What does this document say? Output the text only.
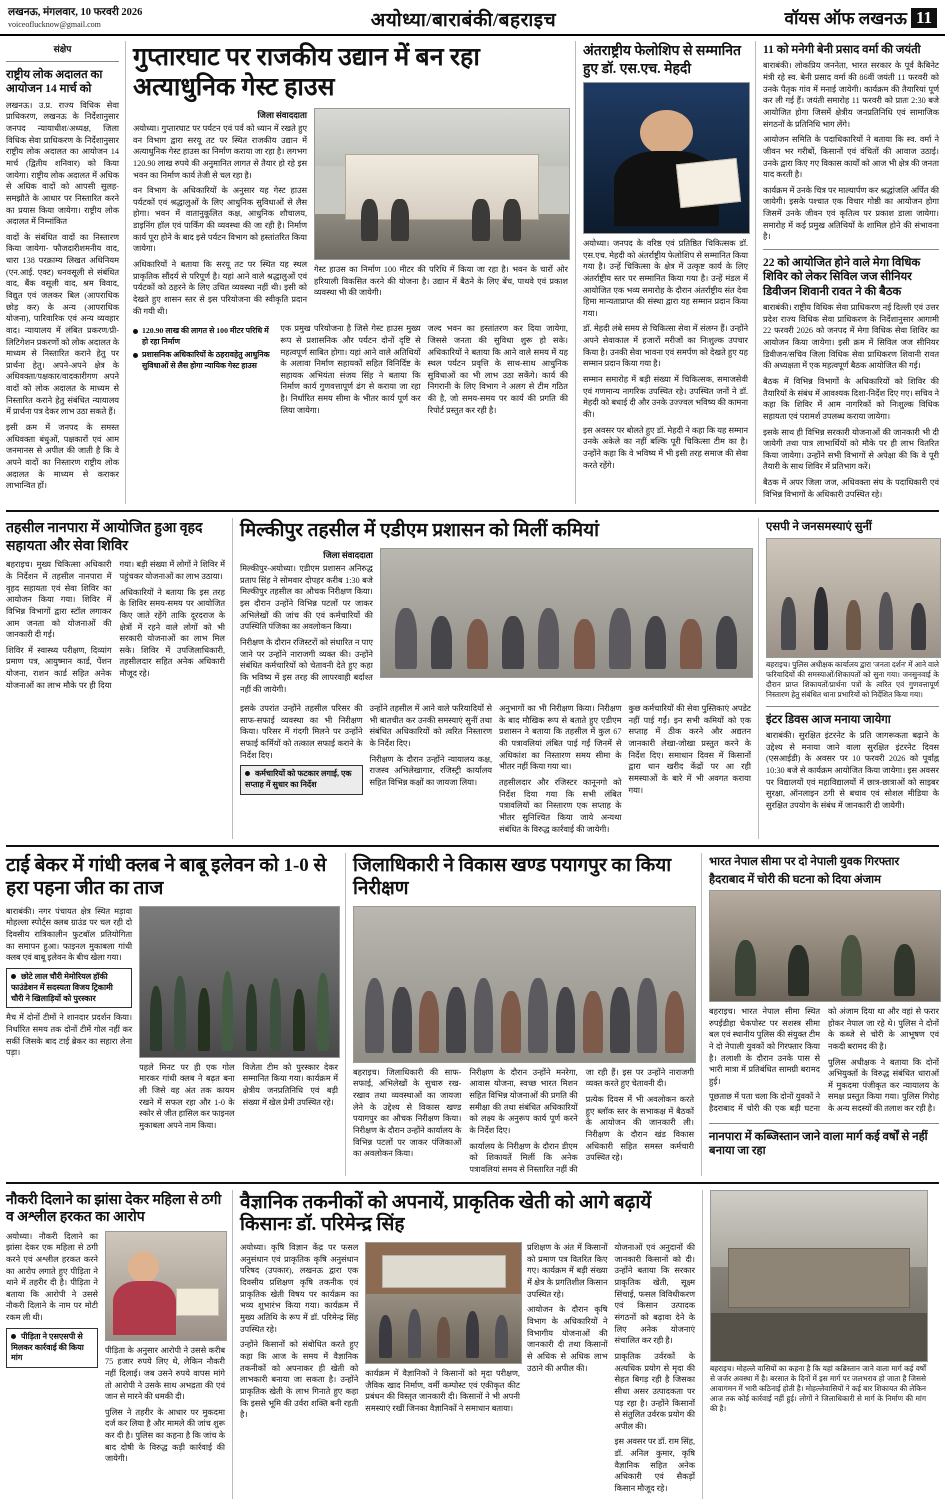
लखनऊ, मंगलवार, 10 फरवरी 2026
voiceoflucknow@gmail.com	अयोध्या/बाराबंकी/बहराइच	वॉयस ऑफ लखनऊ 11
संक्षेप
राष्ट्रीय लोक अदालत का आयोजन 14 मार्च को

लखनऊ। उ.प्र. राज्य विधिक सेवा प्राधिकरण, लखनऊ के निर्देशानुसार जनपद न्यायाधीश/अध्यक्ष, जिला विधिक सेवा प्राधिकरण के निर्देशानुसार राष्ट्रीय लोक अदालत का आयोजन 14 मार्च (द्वितीय शनिवार) को किया जायेगा। राष्ट्रीय लोक अदालत में अधिक से अधिक वादों को आपसी सुलह-समझौते के आधार पर निस्तारित करने का प्रयास किया जायेगा। राष्ट्रीय लोक अदालत में निम्नांकित

वादों के संबंधित वादों का निस्तारण किया जायेगा- फौजदारीशमनीय वाद, धारा 138 परक्राम्य लिखत अधिनियम (एन.आई. एक्ट) धनवसूली से संबंधित वाद, बैंक वसूली वाद, श्रम विवाद, विद्युत एवं जलकर बिल (आपराधिक छोड़ कर) के अन्य (आपराधिक योजना), पारिवारिक एवं अन्य व्यवहार वाद। न्यायालय में लंबित प्रकरण/प्री-लिटिगेशन प्रकरणों को लोक अदालत के माध्यम से निस्तारित कराने हेतु पर प्रार्थना हेतु। अपने-अपने क्षेत्र के अधिवक्ता/पक्षकार/वादकारीगण अपने वादों को लोक अदालत के माध्यम से निस्तारित कराने हेतु संबंधित न्यायालय में प्रार्थना पत्र देकर लाभ उठा सकते हैं।

इसी क्रम में जनपद के समस्त अधिवक्ता बंधुओं, पक्षकारों एवं आम जनमानस से अपील की जाती है कि वे अपने वादों का निस्तारण राष्ट्रीय लोक अदालत के माध्यम से कराकर लाभान्वित हों।

गुप्तारघाट पर राजकीय उद्यान में बन रहा अत्याधुनिक गेस्ट हाउस
जिला संवाददाता

अयोध्या। गुप्तारघाट पर पर्यटन एवं पर्व को ध्यान में रखते हुए वन विभाग द्वारा सरयू तट पर स्थित राजकीय उद्यान में अत्याधुनिक गेस्ट हाउस का निर्माण कराया जा रहा है। लगभग 120.90 लाख रुपये की अनुमानित लागत से तैयार हो रहे इस भवन का निर्माण कार्य तेजी से चल रहा है।

वन विभाग के अधिकारियों के अनुसार यह गेस्ट हाउस पर्यटकों एवं श्रद्धालुओं के लिए आधुनिक सुविधाओं से लैस होगा। भवन में वातानुकूलित कक्ष, आधुनिक शौचालय, डाइनिंग हॉल एवं पार्किंग की व्यवस्था की जा रही है। निर्माण कार्य पूरा होने के बाद इसे पर्यटन विभाग को हस्तांतरित किया जायेगा।

अधिकारियों ने बताया कि सरयू तट पर स्थित यह स्थल प्राकृतिक सौंदर्य से परिपूर्ण है। यहां आने वाले श्रद्धालुओं एवं पर्यटकों को ठहरने के लिए उचित व्यवस्था नहीं थी। इसी को देखते हुए शासन स्तर से इस परियोजना की स्वीकृति प्रदान की गयी थी।

गेस्ट हाउस का निर्माण 100 मीटर की परिधि में किया जा रहा है। भवन के चारों ओर हरियाली विकसित करने की योजना है। उद्यान में बैठने के लिए बेंच, पाथवे एवं प्रकाश व्यवस्था भी की जायेगी।

120.90 लाख की लागत से 100 मीटर परिधि में हो रहा निर्माण
प्रशासनिक अधिकारियों के ठहरावहेतु आधुनिक सुविधाओं से लैस होगा न्यायिक गेस्ट हाउस

एक प्रमुख परियोजना है जिसे गेस्ट हाउस मुख्य रूप से प्रशासनिक और पर्यटन दोनों दृष्टि से महत्वपूर्ण साबित होगा। यहां आने वाले अतिथियों के अलावा निर्माण सहायकों सहित विनिर्दिष्ट के सहायक अभियंता संजय सिंह ने बताया कि निर्माण कार्य गुणवत्तापूर्ण ढंग से कराया जा रहा है। निर्धारित समय सीमा के भीतर कार्य पूर्ण कर लिया जायेगा।

जल्द भवन का हस्तांतरण कर दिया जायेगा, जिससे जनता की सुविधा शुरू हो सके। अधिकारियों ने बताया कि आने वाले समय में यह स्थल पर्यटन प्रवृत्ति के साथ-साथ आधुनिक सुविधाओं का भी लाभ उठा सकेंगे। कार्य की निगरानी के लिए विभाग ने अलग से टीम गठित की है, जो समय-समय पर कार्य की प्रगति की रिपोर्ट प्रस्तुत कर रही है।

अंतराष्ट्रीय फेलोशिप से सम्मानित हुए डॉ. एस.एच. मेहदी

अयोध्या। जनपद के वरिष्ठ एवं प्रतिष्ठित चिकित्सक डॉ. एस.एच. मेहदी को अंतर्राष्ट्रीय फेलोशिप से सम्मानित किया गया है। उन्हें चिकित्सा के क्षेत्र में उत्कृष्ट कार्य के लिए अंतर्राष्ट्रीय स्तर पर सम्मानित किया गया है। उन्हें मंडल में आयोजित एक भव्य समारोह के दौरान अंतर्राष्ट्रीय संत देवा हिमा मान्यताप्राप्त की संस्था द्वारा यह सम्मान प्रदान किया गया।

डॉ. मेहदी लंबे समय से चिकित्सा सेवा में संलग्न हैं। उन्होंने अपने सेवाकाल में हजारों मरीजों का निःशुल्क उपचार किया है। उनकी सेवा भावना एवं समर्पण को देखते हुए यह सम्मान प्रदान किया गया है।

सम्मान समारोह में बड़ी संख्या में चिकित्सक, समाजसेवी एवं गणमान्य नागरिक उपस्थित रहे। उपस्थित जनों ने डॉ. मेहदी को बधाई दी और उनके उज्ज्वल भविष्य की कामना की।

इस अवसर पर बोलते हुए डॉ. मेहदी ने कहा कि यह सम्मान उनके अकेले का नहीं बल्कि पूरी चिकित्सा टीम का है। उन्होंने कहा कि वे भविष्य में भी इसी तरह समाज की सेवा करते रहेंगे।

11 को मनेगी बेनी प्रसाद वर्मा की जयंती

बाराबंकी। लोकप्रिय जननेता, भारत सरकार के पूर्व कैबिनेट मंत्री रहे स्व. बेनी प्रसाद वर्मा की 86वीं जयंती 11 फरवरी को उनके पैतृक गांव में मनाई जायेगी। कार्यक्रम की तैयारियां पूर्ण कर ली गई हैं। जयंती समारोह 11 फरवरी को प्रातः 2:30 बजे आयोजित होगा जिसमें क्षेत्रीय जनप्रतिनिधि एवं सामाजिक संगठनों के प्रतिनिधि भाग लेंगे।

आयोजन समिति के पदाधिकारियों ने बताया कि स्व. वर्मा ने जीवन भर गरीबों, किसानों एवं वंचितों की आवाज उठाई। उनके द्वारा किए गए विकास कार्यों को आज भी क्षेत्र की जनता याद करती है।

कार्यक्रम में उनके चित्र पर माल्यार्पण कर श्रद्धांजलि अर्पित की जायेगी। इसके पश्चात एक विचार गोष्ठी का आयोजन होगा जिसमें उनके जीवन एवं कृतित्व पर प्रकाश डाला जायेगा। समारोह में कई प्रमुख अतिथियों के शामिल होने की संभावना है।

22 को आयोजित होने वाले मेगा विधिक शिविर को लेकर सिविल जज सीनियर डिवीजन शिवानी रावत ने की बैठक

बाराबंकी। राष्ट्रीय विधिक सेवा प्राधिकरण नई दिल्ली एवं उत्तर प्रदेश राज्य विधिक सेवा प्राधिकरण के निर्देशानुसार आगामी 22 फरवरी 2026 को जनपद में मेगा विधिक सेवा शिविर का आयोजन किया जायेगा। इसी क्रम में सिविल जज सीनियर डिवीजन/सचिव जिला विधिक सेवा प्राधिकरण शिवानी रावत की अध्यक्षता में एक महत्वपूर्ण बैठक आयोजित की गई।

बैठक में विभिन्न विभागों के अधिकारियों को शिविर की तैयारियों के संबंध में आवश्यक दिशा-निर्देश दिए गए। सचिव ने कहा कि शिविर में आम नागरिकों को निःशुल्क विधिक सहायता एवं परामर्श उपलब्ध कराया जायेगा।

इसके साथ ही विभिन्न सरकारी योजनाओं की जानकारी भी दी जायेगी तथा पात्र लाभार्थियों को मौके पर ही लाभ वितरित किया जायेगा। उन्होंने सभी विभागों से अपेक्षा की कि वे पूरी तैयारी के साथ शिविर में प्रतिभाग करें।

बैठक में अपर जिला जज, अधिवक्ता संघ के पदाधिकारी एवं विभिन्न विभागों के अधिकारी उपस्थित रहे।

तहसील नानपारा में आयोजित हुआ वृहद सहायता और सेवा शिविर

बहराइच। मुख्य चिकित्सा अधिकारी के निर्देशन में तहसील नानपारा में वृहद सहायता एवं सेवा शिविर का आयोजन किया गया। शिविर में विभिन्न विभागों द्वारा स्टॉल लगाकर आम जनता को योजनाओं की जानकारी दी गई।

शिविर में स्वास्थ्य परीक्षण, दिव्यांग प्रमाण पत्र, आयुष्मान कार्ड, पेंशन योजना, राशन कार्ड सहित अनेक योजनाओं का लाभ मौके पर ही दिया गया। बड़ी संख्या में लोगों ने शिविर में पहुंचकर योजनाओं का लाभ उठाया।

अधिकारियों ने बताया कि इस तरह के शिविर समय-समय पर आयोजित किए जाते रहेंगे ताकि दूरदराज के क्षेत्रों में रहने वाले लोगों को भी सरकारी योजनाओं का लाभ मिल सके। शिविर में उपजिलाधिकारी, तहसीलदार सहित अनेक अधिकारी मौजूद रहे।

मिल्कीपुर तहसील में एडीएम प्रशासन को मिलीं कमियां
जिला संवाददाता

मिल्कीपुर-अयोध्या। एडीएम प्रशासन अनिरुद्ध प्रताप सिंह ने सोमवार दोपहर करीब 1:30 बजे मिल्कीपुर तहसील का औचक निरीक्षण किया। इस दौरान उन्होंने विभिन्न पटलों पर जाकर अभिलेखों की जांच की एवं कर्मचारियों की उपस्थिति पंजिका का अवलोकन किया।

निरीक्षण के दौरान रजिस्टरों को संधारित न पाए जाने पर उन्होंने नाराजगी व्यक्त की। उन्होंने संबंधित कर्मचारियों को चेतावनी देते हुए कहा कि भविष्य में इस तरह की लापरवाही बर्दाश्त नहीं की जायेगी।

इसके उपरांत उन्होंने तहसील परिसर की साफ-सफाई व्यवस्था का भी निरीक्षण किया। परिसर में गंदगी मिलने पर उन्होंने सफाई कर्मियों को तत्काल सफाई कराने के निर्देश दिए।

कर्मचारियों को फटकार लगाई, एक सप्ताह में सुधार का निर्देश

उन्होंने तहसील में आने वाले फरियादियों से भी बातचीत कर उनकी समस्याएं सुनीं तथा संबंधित अधिकारियों को त्वरित निस्तारण के निर्देश दिए।

निरीक्षण के दौरान उन्होंने न्यायालय कक्ष, राजस्व अभिलेखागार, रजिस्ट्री कार्यालय सहित विभिन्न कक्षों का जायजा लिया।

अनुभागों का भी निरीक्षण किया। निरीक्षण के बाद मौखिक रूप से बताते हुए एडीएम प्रशासन ने बताया कि तहसील में कुल 67 की पत्रावलियां लंबित पाई गईं जिनमें से अधिकांश का निस्तारण समय सीमा के भीतर नहीं किया गया था।

तहसीलदार और रजिस्टर कानूनगो को निर्देश दिया गया कि सभी लंबित पत्रावलियों का निस्तारण एक सप्ताह के भीतर सुनिश्चित किया जाये अन्यथा संबंधित के विरुद्ध कार्रवाई की जायेगी।

कुछ कर्मचारियों की सेवा पुस्तिकाएं अपडेट नहीं पाई गईं। इन सभी कमियों को एक सप्ताह में ठीक करने और अद्यतन जानकारी लेखा-जोखा प्रस्तुत करने के निर्देश दिए। समाधान दिवस में किसानों द्वारा धान खरीद केंद्रों पर आ रही समस्याओं के बारे में भी अवगत कराया गया।

एसपी ने जनसमस्याएं सुनीं

बहराइच। पुलिस अधीक्षक कार्यालय द्वारा 'जनता दर्शन' में आने वाले फरियादियों की समस्याओं/शिकायतों को सुना गया। जनसुनवाई के दौरान प्राप्त शिकायतों/प्रार्थना पत्रों के त्वरित एवं गुणवत्तापूर्ण निस्तारण हेतु संबंधित थाना प्रभारियों को निर्देशित किया गया।

इंटर डिवस आज मनाया जायेगा

बाराबंकी। सुरक्षित इंटरनेट के प्रति जागरूकता बढ़ाने के उद्देश्य से मनाया जाने वाला सुरक्षित इंटरनेट दिवस (एसआईडी) के अवसर पर 10 फरवरी 2026 को पूर्वाह्न 10:30 बजे से कार्यक्रम आयोजित किया जायेगा। इस अवसर पर विद्यालयों एवं महाविद्यालयों में छात्र-छात्राओं को साइबर सुरक्षा, ऑनलाइन ठगी से बचाव एवं सोशल मीडिया के सुरक्षित उपयोग के संबंध में जानकारी दी जायेगी।

टाई बेकर में गांधी क्लब ने बाबू इलेवन को 1-0 से हरा पहना जीत का ताज

बाराबंकी। नगर पंचायत क्षेत्र स्थित मड़ावा मोहल्ला स्पोर्ट्स क्लब ग्राउंड पर चल रही दो दिवसीय रात्रिकालीन फुटबॉल प्रतियोगिता का समापन हुआ। फाइनल मुकाबला गांधी क्लब एवं बाबू इलेवन के बीच खेला गया।

छोटे लाल चौरी मेमोरियल हॉकी फाउंडेशन में सदस्यता विजय ट्रिकामी चौरी ने खिलाड़ियों को पुरस्कार

मैच में दोनों टीमों ने शानदार प्रदर्शन किया। निर्धारित समय तक दोनों टीमें गोल नहीं कर सकीं जिसके बाद टाई ब्रेकर का सहारा लेना पड़ा।

पहले मिनट पर ही एक गोल मारकर गांधी क्लब ने बढ़त बना ली जिसे वह अंत तक कायम रखने में सफल रहा और 1-0 के स्कोर से जीत हासिल कर फाइनल मुकाबला अपने नाम किया।

विजेता टीम को पुरस्कार देकर सम्मानित किया गया। कार्यक्रम में क्षेत्रीय जनप्रतिनिधि एवं बड़ी संख्या में खेल प्रेमी उपस्थित रहे।

जिलाधिकारी ने विकास खण्ड पयागपुर का किया निरीक्षण

बहराइच। जिलाधिकारी की साफ-सफाई, अभिलेखों के सुचारु रख-रखाव तथा व्यवस्थाओं का जायजा लेने के उद्देश्य से विकास खण्ड पयागपुर का औचक निरीक्षण किया। निरीक्षण के दौरान उन्होंने कार्यालय के विभिन्न पटलों पर जाकर पंजिकाओं का अवलोकन किया।

निरीक्षण के दौरान उन्होंने मनरेगा, आवास योजना, स्वच्छ भारत मिशन सहित विभिन्न योजनाओं की प्रगति की समीक्षा की तथा संबंधित अधिकारियों को लक्ष्य के अनुरूप कार्य पूर्ण करने के निर्देश दिए।

कार्यालय के निरीक्षण के दौरान डीएम को शिकायतें मिलीं कि अनेक पत्रावलियां समय से निस्तारित नहीं की जा रही हैं। इस पर उन्होंने नाराजगी व्यक्त करते हुए चेतावनी दी।

प्रत्येक दिवस में भी अवलोकन करते हुए ब्लॉक स्तर के सभाकक्ष में बैठकों के आयोजन की जानकारी ली। निरीक्षण के दौरान खंड विकास अधिकारी सहित समस्त कर्मचारी उपस्थित रहे।

भारत नेपाल सीमा पर दो नेपाली युवक गिरफ्तार
हैदराबाद में चोरी की घटना को दिया अंजाम

बहराइच। भारत नेपाल सीमा स्थित रुपईडीहा चेकपोस्ट पर सशस्त्र सीमा बल एवं स्थानीय पुलिस की संयुक्त टीम ने दो नेपाली युवकों को गिरफ्तार किया है। तलाशी के दौरान उनके पास से भारी मात्रा में प्रतिबंधित सामग्री बरामद हुई।

पूछताछ में पता चला कि दोनों युवकों ने हैदराबाद में चोरी की एक बड़ी घटना को अंजाम दिया था और वहां से फरार होकर नेपाल जा रहे थे। पुलिस ने दोनों के कब्जे से चोरी के आभूषण एवं नकदी बरामद की है।

पुलिस अधीक्षक ने बताया कि दोनों अभियुक्तों के विरुद्ध संबंधित धाराओं में मुकदमा पंजीकृत कर न्यायालय के समक्ष प्रस्तुत किया गया। पुलिस गिरोह के अन्य सदस्यों की तलाश कर रही है।

नानपारा में कब्जिस्तान जाने वाला मार्ग कई वर्षों से नहीं बनाया जा रहा
नौकरी दिलाने का झांसा देकर महिला से ठगी व अश्लील हरकत का आरोप

अयोध्या। नौकरी दिलाने का झांसा देकर एक महिला से ठगी करने एवं अश्लील हरकत करने का आरोप लगाते हुए पीड़िता ने थाने में तहरीर दी है। पीड़िता ने बताया कि आरोपी ने उससे नौकरी दिलाने के नाम पर मोटी रकम ली थी।

पीड़िता ने एसएसपी से मिलकर कार्रवाई की किया मांग

पीड़िता के अनुसार आरोपी ने उससे करीब 75 हजार रुपये लिए थे, लेकिन नौकरी नहीं दिलाई। जब उसने रुपये वापस मांगे तो आरोपी ने उसके साथ अभद्रता की एवं जान से मारने की धमकी दी।

पुलिस ने तहरीर के आधार पर मुकदमा दर्ज कर लिया है और मामले की जांच शुरू कर दी है। पुलिस का कहना है कि जांच के बाद दोषी के विरुद्ध कड़ी कार्रवाई की जायेगी।

वैज्ञानिक तकनीकों को अपनायें, प्राकृतिक खेती को आगे बढ़ायें किसानः डॉ. परिमेन्द्र सिंह

अयोध्या। कृषि विज्ञान केंद्र पर फसल अनुसंधान एवं प्राकृतिक कृषि अनुसंधान परिषद (उपकार), लखनऊ द्वारा एक दिवसीय प्रशिक्षण कृषि तकनीक एवं प्राकृतिक खेती विषय पर कार्यक्रम का भव्य शुभारंभ किया गया। कार्यक्रम में मुख्य अतिथि के रूप में डॉ. परिमेन्द्र सिंह उपस्थित रहे।

उन्होंने किसानों को संबोधित करते हुए कहा कि आज के समय में वैज्ञानिक तकनीकों को अपनाकर ही खेती को लाभकारी बनाया जा सकता है। उन्होंने प्राकृतिक खेती के लाभ गिनाते हुए कहा कि इससे भूमि की उर्वरा शक्ति बनी रहती है।

कार्यक्रम में वैज्ञानिकों ने किसानों को मृदा परीक्षण, जैविक खाद निर्माण, वर्मी कम्पोस्ट एवं एकीकृत कीट प्रबंधन की विस्तृत जानकारी दी। किसानों ने भी अपनी समस्याएं रखीं जिनका वैज्ञानिकों ने समाधान बताया।

प्रशिक्षण के अंत में किसानों को प्रमाण पत्र वितरित किए गए। कार्यक्रम में बड़ी संख्या में क्षेत्र के प्रगतिशील किसान उपस्थित रहे।

आयोजन के दौरान कृषि विभाग के अधिकारियों ने विभागीय योजनाओं की जानकारी दी तथा किसानों से अधिक से अधिक लाभ उठाने की अपील की।

योजनाओं एवं अनुदानों की जानकारी किसानों को दी। उन्होंने बताया कि सरकार प्राकृतिक खेती, सूक्ष्म सिंचाई, फसल विविधीकरण एवं किसान उत्पादक संगठनों को बढ़ावा देने के लिए अनेक योजनाएं संचालित कर रही है।

प्राकृतिक उर्वरकों के अत्यधिक प्रयोग से मृदा की सेहत बिगड़ रही है जिसका सीधा असर उत्पादकता पर पड़ रहा है। उन्होंने किसानों से संतुलित उर्वरक प्रयोग की अपील की।

इस अवसर पर डॉ. राम सिंह, डॉ. अनिल कुमार, कृषि वैज्ञानिक सहित अनेक अधिकारी एवं सैकड़ों किसान मौजूद रहे।

बहराइच। मोहल्ले वासियों का कहना है कि यहां कब्रिस्तान जाने वाला मार्ग कई वर्षों से जर्जर अवस्था में है। बरसात के दिनों में इस मार्ग पर जलभराव हो जाता है जिससे आवागमन में भारी कठिनाई होती है। मोहल्लेवासियों ने कई बार शिकायत की लेकिन आज तक कोई कार्रवाई नहीं हुई। लोगों ने जिलाधिकारी से मार्ग के निर्माण की मांग की है।
